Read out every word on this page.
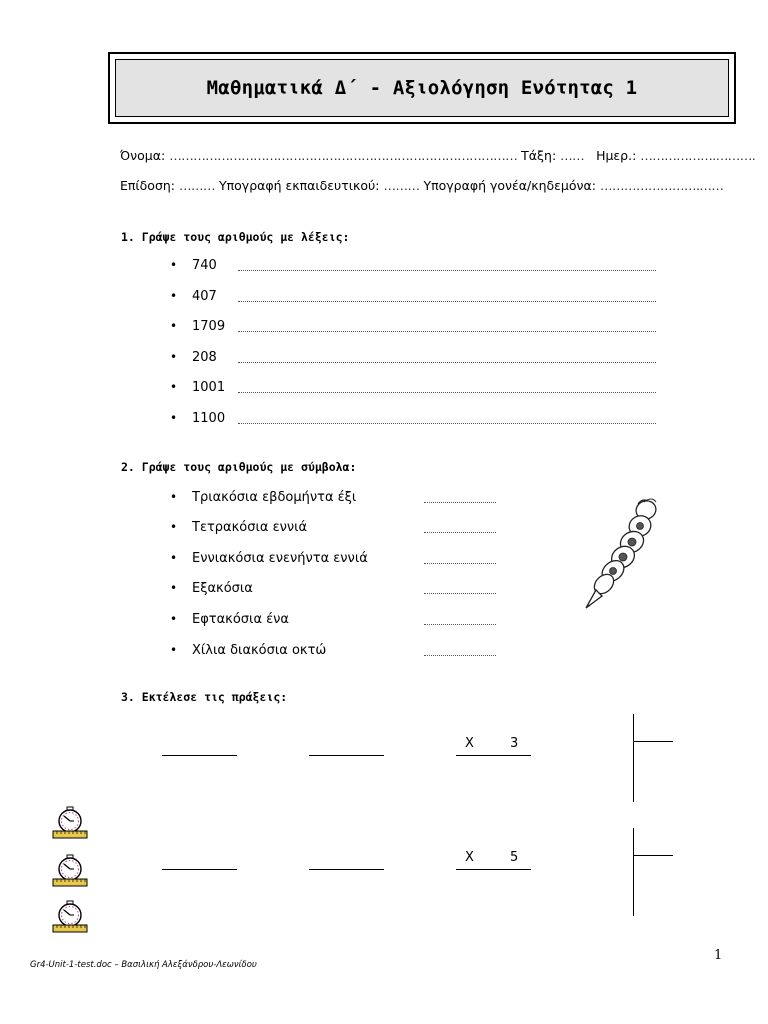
Μαθηματικά Δ΄ - Αξιολόγηση Ενότητας 1
Όνομα: …………………………………………………………………………… Τάξη: …… Ημερ.: ……………….……….
Επίδοση: ……… Υπογραφή εκπαιδευτικού: ……… Υπογραφή γονέα/κηδεμόνα: …………………….……
1. Γράψε τους αριθμούς με λέξεις:
• 740
• 407
• 1709
• 208
• 1001
• 1100
2. Γράψε τους αριθμούς με σύμβολα:
• Τριακόσια εβδομήντα έξι
• Τετρακόσια εννιά
• Εννιακόσια ενενήντα εννιά
• Εξακόσια
• Εφτακόσια ένα
• Χίλια διακόσια οκτώ
3. Εκτέλεσε τις πράξεις:
Χ	3
Χ	5
Gr4-Unit-1-test.doc – Βασιλική Αλεξάνδρου-Λεωνίδου
1
